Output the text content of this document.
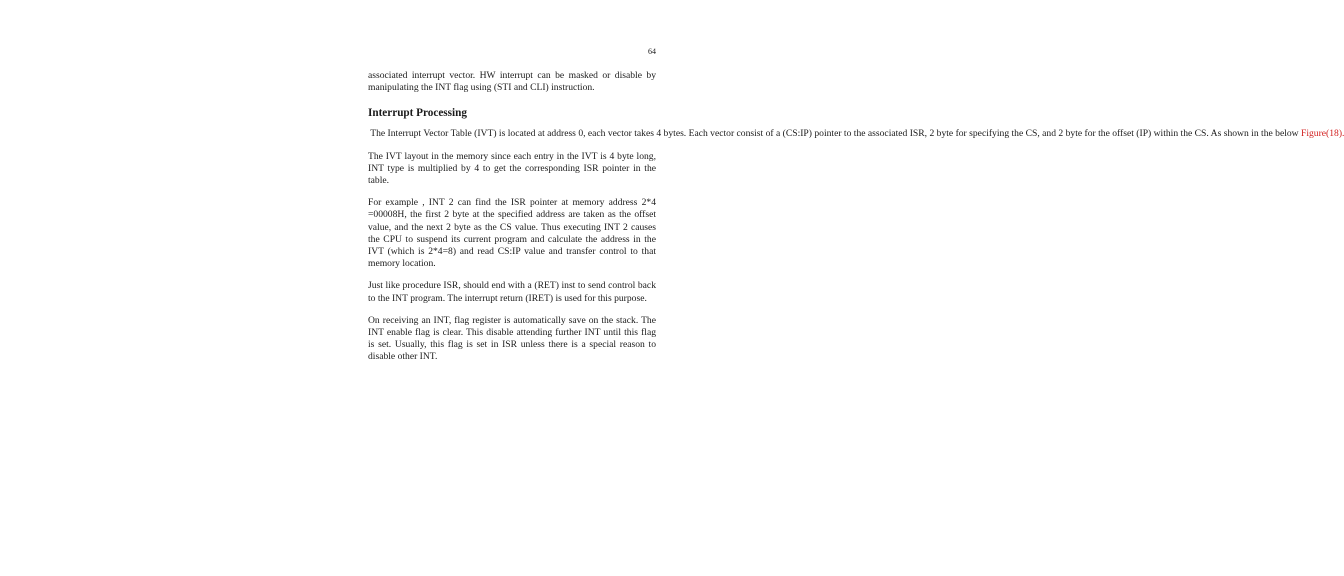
64

associated interrupt vector. HW interrupt can be masked or disable by manipulating the INT flag using (STI and CLI) instruction.

Interrupt Processing

The Interrupt Vector Table (IVT) is located at address 0, each vector takes 4 bytes. Each vector consist of a (CS:IP) pointer to the associated ISR, 2 byte for specifying the CS, and 2 byte for the offset (IP) within the CS. As shown in the below Figure(18).

The IVT layout in the memory since each entry in the IVT is 4 byte long, INT type is multiplied by 4 to get the corresponding ISR pointer in the table.

For example , INT 2 can find the ISR pointer at memory address 2*4 =00008H, the first 2 byte at the specified address are taken as the offset value, and the next 2 byte as the CS value. Thus executing INT 2 causes the CPU to suspend its current program and calculate the address in the IVT (which is 2*4=8) and read CS:IP value and transfer control to that memory location.

Just like procedure ISR, should end with a (RET) inst to send control back to the INT program. The interrupt return (IRET) is used for this purpose.

On receiving an INT, flag register is automatically save on the stack. The INT enable flag is clear. This disable attending further INT until this flag is set. Usually, this flag is set in ISR unless there is a special reason to disable other INT.
